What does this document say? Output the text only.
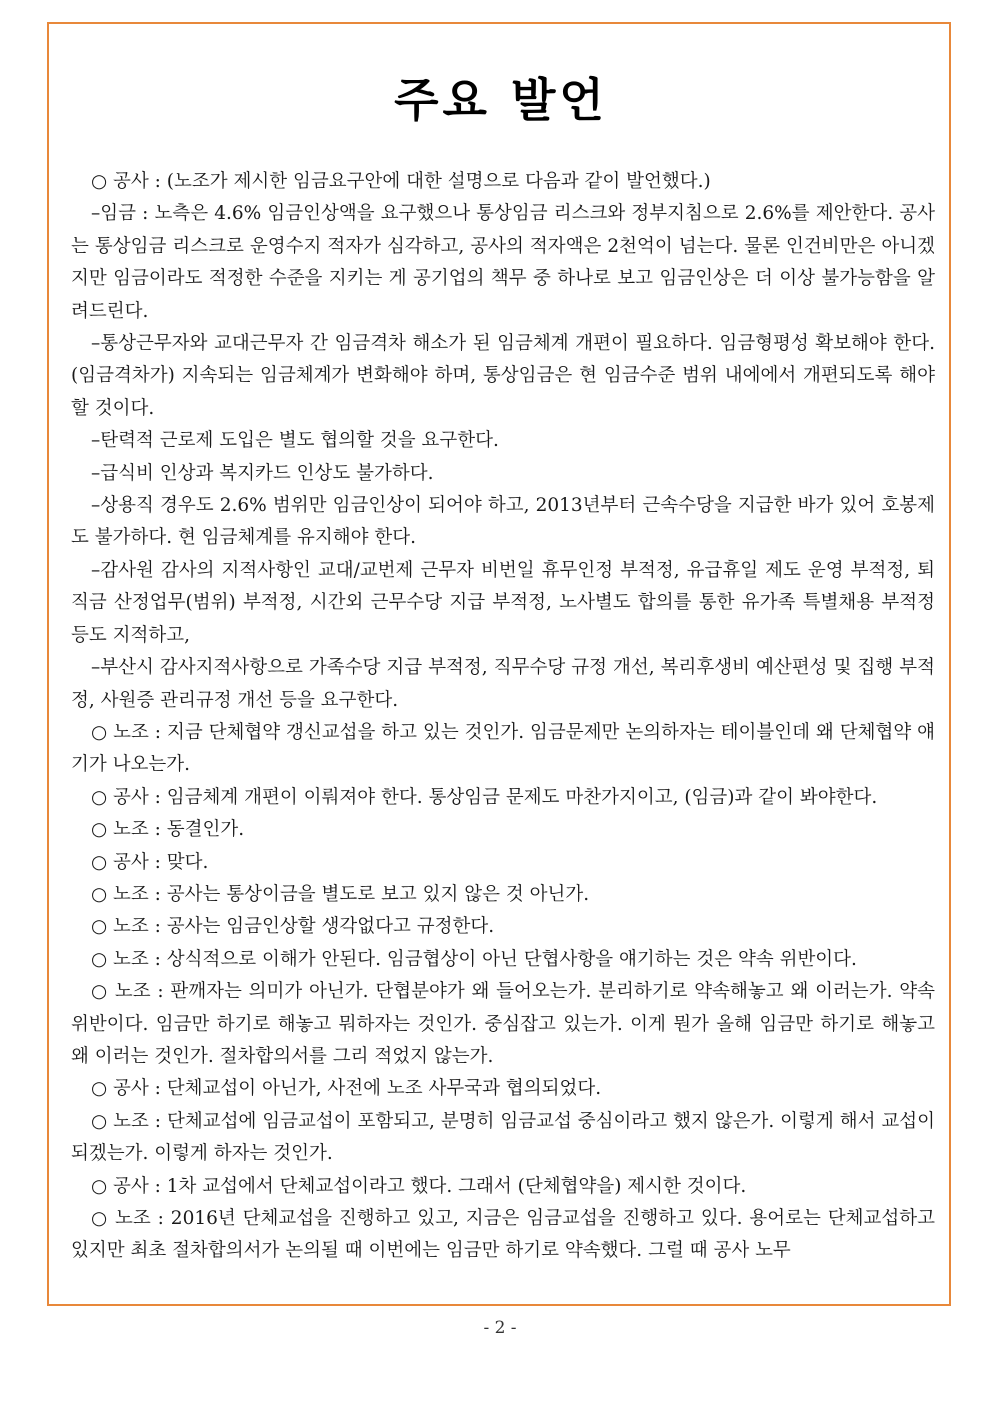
주요 발언

○ 공사 : (노조가 제시한 임금요구안에 대한 설명으로 다음과 같이 발언했다.)

–임금 : 노측은 4.6% 임금인상액을 요구했으나 통상임금 리스크와 정부지침으로 2.6%를 제안한다. 공사는 통상임금 리스크로 운영수지 적자가 심각하고, 공사의 적자액은 2천억이 넘는다. 물론 인건비만은 아니겠지만 임금이라도 적정한 수준을 지키는 게 공기업의 책무 중 하나로 보고 임금인상은 더 이상 불가능함을 알려드린다.

–통상근무자와 교대근무자 간 임금격차 해소가 된 임금체계 개편이 필요하다. 임금형평성 확보해야 한다. (임금격차가) 지속되는 임금체계가 변화해야 하며, 통상임금은 현 임금수준 범위 내에에서 개편되도록 해야 할 것이다.

–탄력적 근로제 도입은 별도 협의할 것을 요구한다.

–급식비 인상과 복지카드 인상도 불가하다.

–상용직 경우도 2.6% 범위만 임금인상이 되어야 하고, 2013년부터 근속수당을 지급한 바가 있어 호봉제도 불가하다. 현 임금체계를 유지해야 한다.

–감사원 감사의 지적사항인 교대/교번제 근무자 비번일 휴무인정 부적정, 유급휴일 제도 운영 부적정, 퇴직금 산정업무(범위) 부적정, 시간외 근무수당 지급 부적정, 노사별도 합의를 통한 유가족 특별채용 부적정 등도 지적하고,

–부산시 감사지적사항으로 가족수당 지급 부적정, 직무수당 규정 개선, 복리후생비 예산편성 및 집행 부적정, 사원증 관리규정 개선 등을 요구한다.

○ 노조 : 지금 단체협약 갱신교섭을 하고 있는 것인가. 임금문제만 논의하자는 테이블인데 왜 단체협약 얘기가 나오는가.

○ 공사 : 임금체계 개편이 이뤄져야 한다. 통상임금 문제도 마찬가지이고, (임금)과 같이 봐야한다.

○ 노조 : 동결인가.

○ 공사 : 맞다.

○ 노조 : 공사는 통상이금을 별도로 보고 있지 않은 것 아닌가.

○ 노조 : 공사는 임금인상할 생각없다고 규정한다.

○ 노조 : 상식적으로 이해가 안된다. 임금협상이 아닌 단협사항을 얘기하는 것은 약속 위반이다.

○ 노조 : 판깨자는 의미가 아닌가. 단협분야가 왜 들어오는가. 분리하기로 약속해놓고 왜 이러는가. 약속위반이다. 임금만 하기로 해놓고 뭐하자는 것인가. 중심잡고 있는가. 이게 뭔가 올해 임금만 하기로 해놓고 왜 이러는 것인가. 절차합의서를 그리 적었지 않는가.

○ 공사 : 단체교섭이 아닌가, 사전에 노조 사무국과 협의되었다.

○ 노조 : 단체교섭에 임금교섭이 포함되고, 분명히 임금교섭 중심이라고 했지 않은가. 이렇게 해서 교섭이 되겠는가. 이렇게 하자는 것인가.

○ 공사 : 1차 교섭에서 단체교섭이라고 했다. 그래서 (단체협약을) 제시한 것이다.

○ 노조 : 2016년 단체교섭을 진행하고 있고, 지금은 임금교섭을 진행하고 있다. 용어로는 단체교섭하고 있지만 최초 절차합의서가 논의될 때 이번에는 임금만 하기로 약속했다. 그럴 때 공사 노무

- 2 -
